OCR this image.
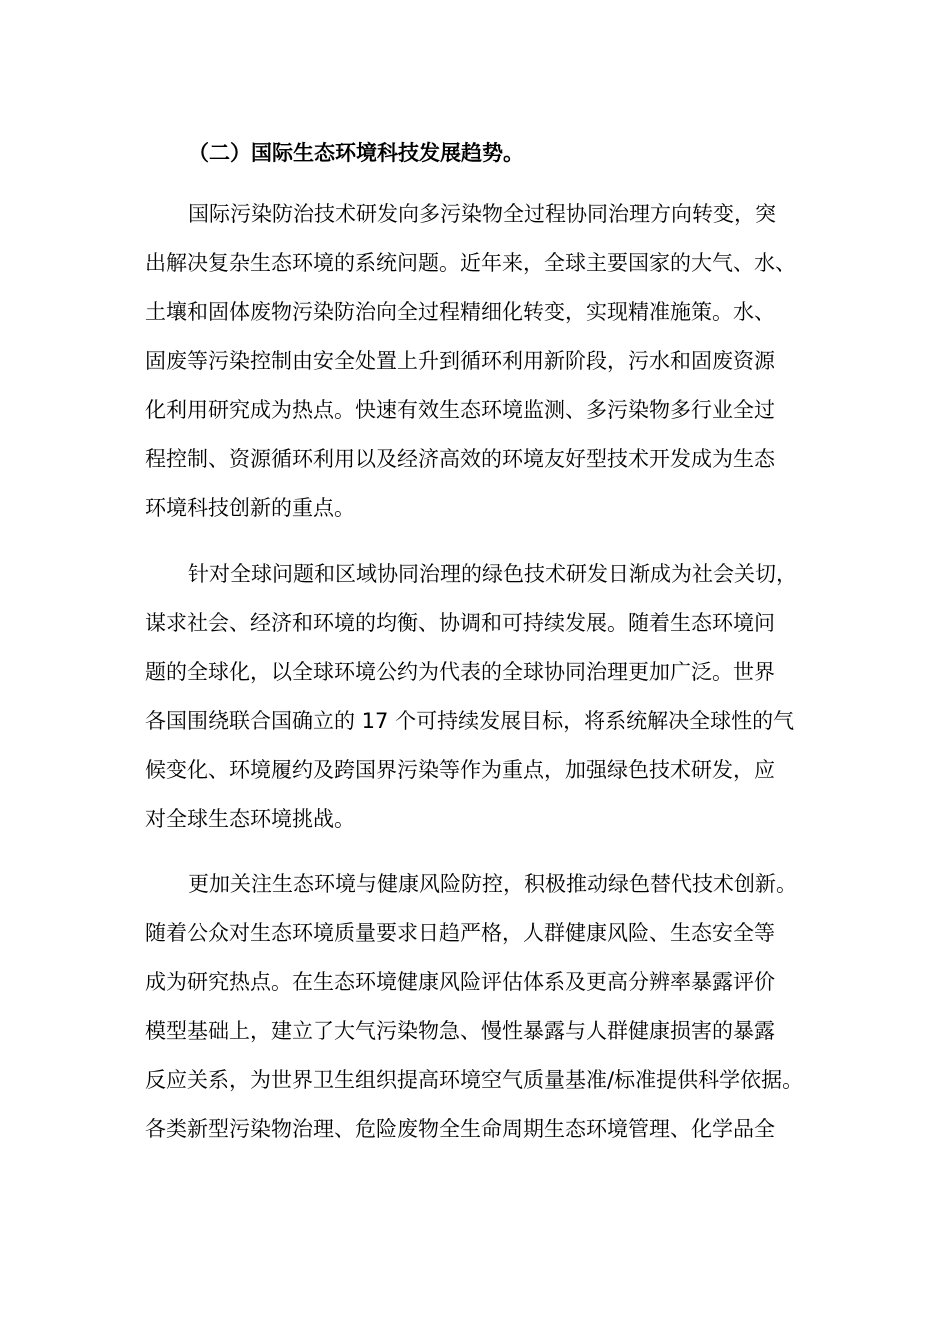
（二）国际生态环境科技发展趋势。
国际污染防治技术研发向多污染物全过程协同治理方向转变，突
出解决复杂生态环境的系统问题。近年来，全球主要国家的大气、水、
土壤和固体废物污染防治向全过程精细化转变，实现精准施策。水、
固废等污染控制由安全处置上升到循环利用新阶段，污水和固废资源
化利用研究成为热点。快速有效生态环境监测、多污染物多行业全过
程控制、资源循环利用以及经济高效的环境友好型技术开发成为生态
环境科技创新的重点。
针对全球问题和区域协同治理的绿色技术研发日渐成为社会关切，
谋求社会、经济和环境的均衡、协调和可持续发展。随着生态环境问
题的全球化，以全球环境公约为代表的全球协同治理更加广泛。世界
各国围绕联合国确立的 17 个可持续发展目标，将系统解决全球性的气
候变化、环境履约及跨国界污染等作为重点，加强绿色技术研发，应
对全球生态环境挑战。
更加关注生态环境与健康风险防控，积极推动绿色替代技术创新。
随着公众对生态环境质量要求日趋严格，人群健康风险、生态安全等
成为研究热点。在生态环境健康风险评估体系及更高分辨率暴露评价
模型基础上，建立了大气污染物急、慢性暴露与人群健康损害的暴露
反应关系，为世界卫生组织提高环境空气质量基准/标准提供科学依据。
各类新型污染物治理、危险废物全生命周期生态环境管理、化学品全
